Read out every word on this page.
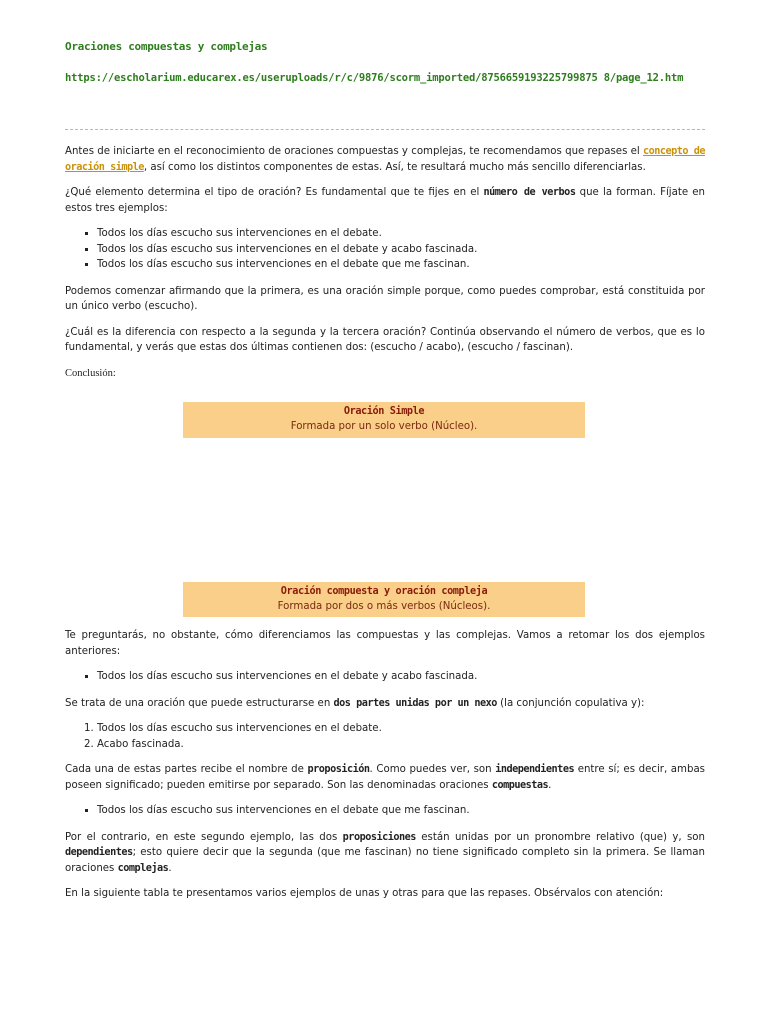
Oraciones compuestas y complejas
https://escholarium.educarex.es/useruploads/r/c/9876/scorm_imported/8756659193225799875 8/page_12.htm

Antes de iniciarte en el reconocimiento de oraciones compuestas y complejas, te recomendamos que repases el concepto de oración simple, así como los distintos componentes de estas. Así, te resultará mucho más sencillo diferenciarlas.

¿Qué elemento determina el tipo de oración? Es fundamental que te fijes en el número de verbos que la forman. Fíjate en estos tres ejemplos:

▪ Todos los días escucho sus intervenciones en el debate.
▪ Todos los días escucho sus intervenciones en el debate y acabo fascinada.
▪ Todos los días escucho sus intervenciones en el debate que me fascinan.

Podemos comenzar afirmando que la primera, es una oración simple porque, como puedes comprobar, está constituida por un único verbo (escucho).

¿Cuál es la diferencia con respecto a la segunda y la tercera oración? Continúa observando el número de verbos, que es lo fundamental, y verás que estas dos últimas contienen dos: (escucho / acabo), (escucho / fascinan).

Conclusión:

Oración Simple
Formada por un solo verbo (Núcleo).
Oración compuesta y oración compleja
Formada por dos o más verbos (Núcleos).

Te preguntarás, no obstante, cómo diferenciamos las compuestas y las complejas. Vamos a retomar los dos ejemplos anteriores:

▪ Todos los días escucho sus intervenciones en el debate y acabo fascinada.

Se trata de una oración que puede estructurarse en dos partes unidas por un nexo (la conjunción copulativa y):

1. Todos los días escucho sus intervenciones en el debate.
2. Acabo fascinada.

Cada una de estas partes recibe el nombre de proposición. Como puedes ver, son independientes entre sí; es decir, ambas poseen significado; pueden emitirse por separado. Son las denominadas oraciones compuestas.

▪ Todos los días escucho sus intervenciones en el debate que me fascinan.

Por el contrario, en este segundo ejemplo, las dos proposiciones están unidas por un pronombre relativo (que) y, son dependientes; esto quiere decir que la segunda (que me fascinan) no tiene significado completo sin la primera. Se llaman oraciones complejas.

En la siguiente tabla te presentamos varios ejemplos de unas y otras para que las repases. Obsérvalos con atención:
